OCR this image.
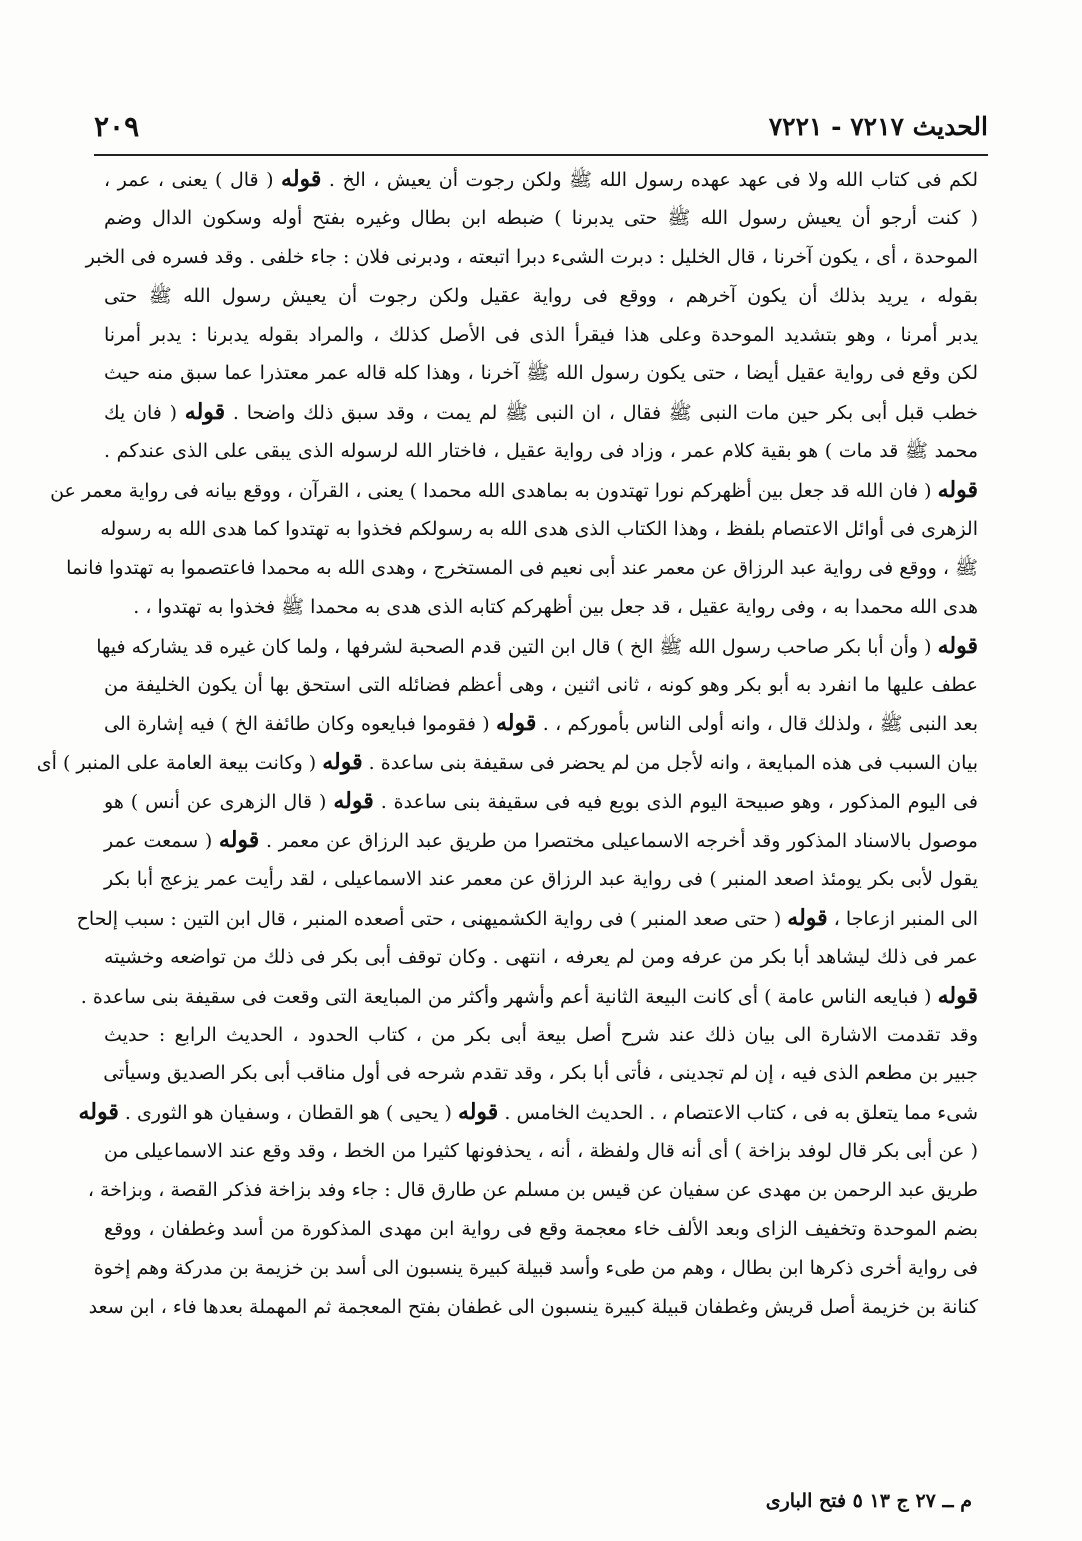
الحديث ٧٢١٧ - ٧٢٢١
٢٠٩
لكم فى كتاب الله ولا فى عهد عهده رسول الله ﷺ ولكن رجوت أن يعيش ، الخ . قوله ( قال ) يعنى ، عمر ،
( كنت أرجو أن يعيش رسول الله ﷺ حتى يدبرنا ) ضبطه ابن بطال وغيره بفتح أوله وسكون الدال وضم
الموحدة ، أى ، يكون آخرنا ، قال الخليل : دبرت الشىء دبرا اتبعته ، ودبرنى فلان : جاء خلفى . وقد فسره فى الخبر
بقوله ، يريد بذلك أن يكون آخرهم ، ووقع فى رواية عقيل ولكن رجوت أن يعيش رسول الله ﷺ حتى
يدبر أمرنا ، وهو بتشديد الموحدة وعلى هذا فيقرأ الذى فى الأصل كذلك ، والمراد بقوله يدبرنا : يدبر أمرنا
لكن وقع فى رواية عقيل أيضا ، حتى يكون رسول الله ﷺ آخرنا ، وهذا كله قاله عمر معتذرا عما سبق منه حيث
خطب قبل أبى بكر حين مات النبى ﷺ فقال ، ان النبى ﷺ لم يمت ، وقد سبق ذلك واضحا . قوله ( فان يك
محمد ﷺ قد مات ) هو بقية كلام عمر ، وزاد فى رواية عقيل ، فاختار الله لرسوله الذى يبقى على الذى عندكم .
قوله ( فان الله قد جعل بين أظهركم نورا تهتدون به بماهدى الله محمدا ) يعنى ، القرآن ، ووقع بيانه فى رواية معمر عن
الزهرى فى أوائل الاعتصام بلفظ ، وهذا الكتاب الذى هدى الله به رسولكم فخذوا به تهتدوا كما هدى الله به رسوله
ﷺ ، ووقع فى رواية عبد الرزاق عن معمر عند أبى نعيم فى المستخرج ، وهدى الله به محمدا فاعتصموا به تهتدوا فانما
هدى الله محمدا به ، وفى رواية عقيل ، قد جعل بين أظهركم كتابه الذى هدى به محمدا ﷺ فخذوا به تهتدوا ، .
قوله ( وأن أبا بكر صاحب رسول الله ﷺ الخ ) قال ابن التين قدم الصحبة لشرفها ، ولما كان غيره قد يشاركه فيها
عطف عليها ما انفرد به أبو بكر وهو كونه ، ثانى اثنين ، وهى أعظم فضائله التى استحق بها أن يكون الخليفة من
بعد النبى ﷺ ، ولذلك قال ، وانه أولى الناس بأموركم ، . قوله ( فقوموا فبايعوه وكان طائفة الخ ) فيه إشارة الى
بيان السبب فى هذه المبايعة ، وانه لأجل من لم يحضر فى سقيفة بنى ساعدة . قوله ( وكانت بيعة العامة على المنبر ) أى
فى اليوم المذكور ، وهو صبيحة اليوم الذى بويع فيه فى سقيفة بنى ساعدة . قوله ( قال الزهرى عن أنس ) هو
موصول بالاسناد المذكور وقد أخرجه الاسماعيلى مختصرا من طريق عبد الرزاق عن معمر . قوله ( سمعت عمر
يقول لأبى بكر يومئذ اصعد المنبر ) فى رواية عبد الرزاق عن معمر عند الاسماعيلى ، لقد رأيت عمر يزعج أبا بكر
الى المنبر ازعاجا ، قوله ( حتى صعد المنبر ) فى رواية الكشميهنى ، حتى أصعده المنبر ، قال ابن التين : سبب إلحاح
عمر فى ذلك ليشاهد أبا بكر من عرفه ومن لم يعرفه ، انتهى . وكان توقف أبى بكر فى ذلك من تواضعه وخشيته
قوله ( فبايعه الناس عامة ) أى كانت البيعة الثانية أعم وأشهر وأكثر من المبايعة التى وقعت فى سقيفة بنى ساعدة .
وقد تقدمت الاشارة الى بيان ذلك عند شرح أصل بيعة أبى بكر من ، كتاب الحدود ، الحديث الرابع : حديث
جبير بن مطعم الذى فيه ، إن لم تجدينى ، فأتى أبا بكر ، وقد تقدم شرحه فى أول مناقب أبى بكر الصديق وسيأتى
شىء مما يتعلق به فى ، كتاب الاعتصام ، . الحديث الخامس . قوله ( يحيى ) هو القطان ، وسفيان هو الثورى . قوله
( عن أبى بكر قال لوفد بزاخة ) أى أنه قال ولفظة ، أنه ، يحذفونها كثيرا من الخط ، وقد وقع عند الاسماعيلى من
طريق عبد الرحمن بن مهدى عن سفيان عن قيس بن مسلم عن طارق قال : جاء وفد بزاخة فذكر القصة ، وبزاخة ،
بضم الموحدة وتخفيف الزاى وبعد الألف خاء معجمة وقع فى رواية ابن مهدى المذكورة من أسد وغطفان ، ووقع
فى رواية أخرى ذكرها ابن بطال ، وهم من طىء وأسد قبيلة كبيرة ينسبون الى أسد بن خزيمة بن مدركة وهم إخوة
كنانة بن خزيمة أصل قريش وغطفان قبيلة كبيرة ينسبون الى غطفان بفتح المعجمة ثم المهملة بعدها فاء ، ابن سعد
م ــ ٢٧ ج ١٣ ٥ فتح البارى
